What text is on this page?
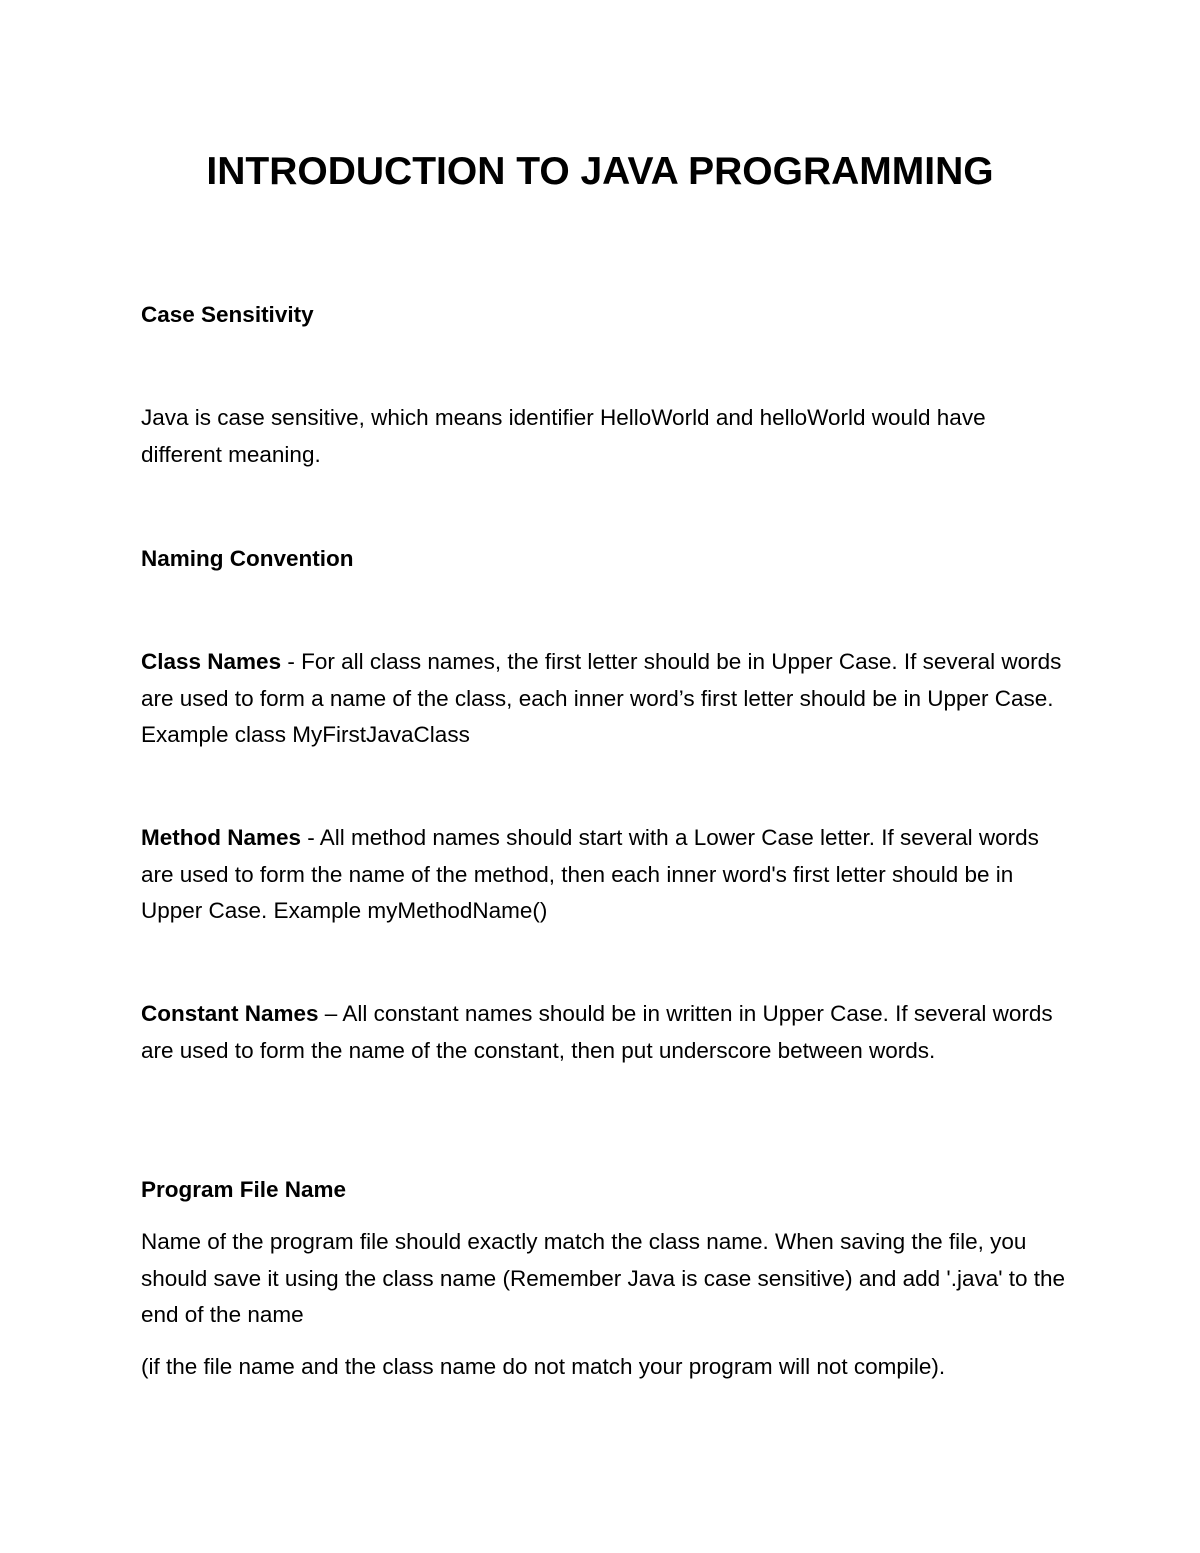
INTRODUCTION TO JAVA PROGRAMMING

Case Sensitivity

Java is case sensitive, which means identifier HelloWorld and helloWorld would have different meaning.

Naming Convention

Class Names - For all class names, the first letter should be in Upper Case. If several words are used to form a name of the class, each inner word’s first letter should be in Upper Case. Example class MyFirstJavaClass

Method Names - All method names should start with a Lower Case letter. If several words are used to form the name of the method, then each inner word's first letter should be in Upper Case. Example myMethodName()

Constant Names – All constant names should be in written in Upper Case. If several words are used to form the name of the constant, then put underscore between words.

Program File Name

Name of the program file should exactly match the class name. When saving the file, you should save it using the class name (Remember Java is case sensitive) and add '.java' to the end of the name

(if the file name and the class name do not match your program will not compile).
